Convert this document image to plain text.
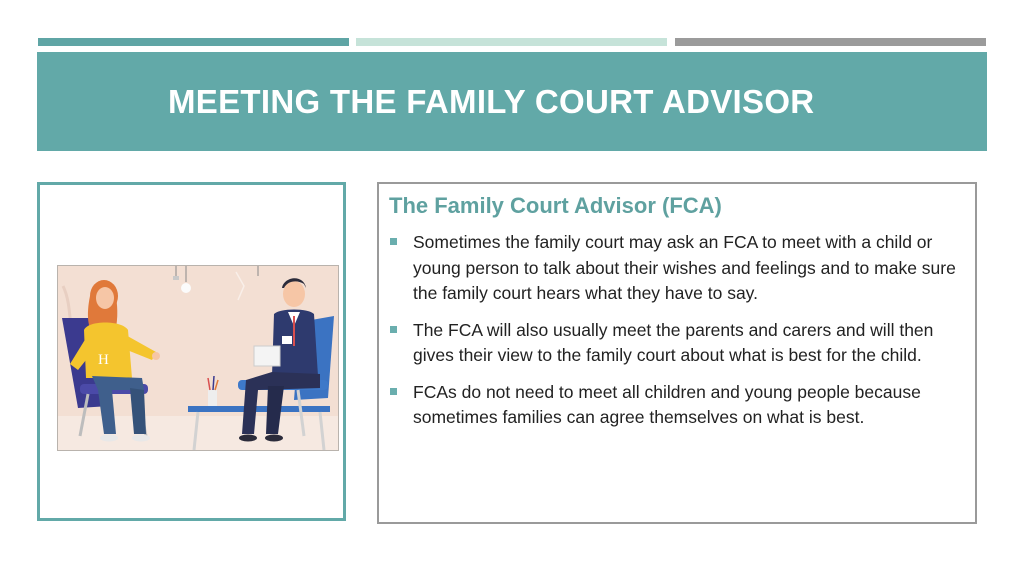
MEETING THE FAMILY COURT ADVISOR
H
The Family Court Advisor (FCA)
Sometimes the family court may ask an FCA to meet with a child or young person to talk about their wishes and feelings and to make sure the family court hears what they have to say.
The FCA will also usually meet the parents and carers and will then gives their view to the family court about what is best for the child.
FCAs do not need to meet all children and young people because sometimes families can agree themselves on what is best.
